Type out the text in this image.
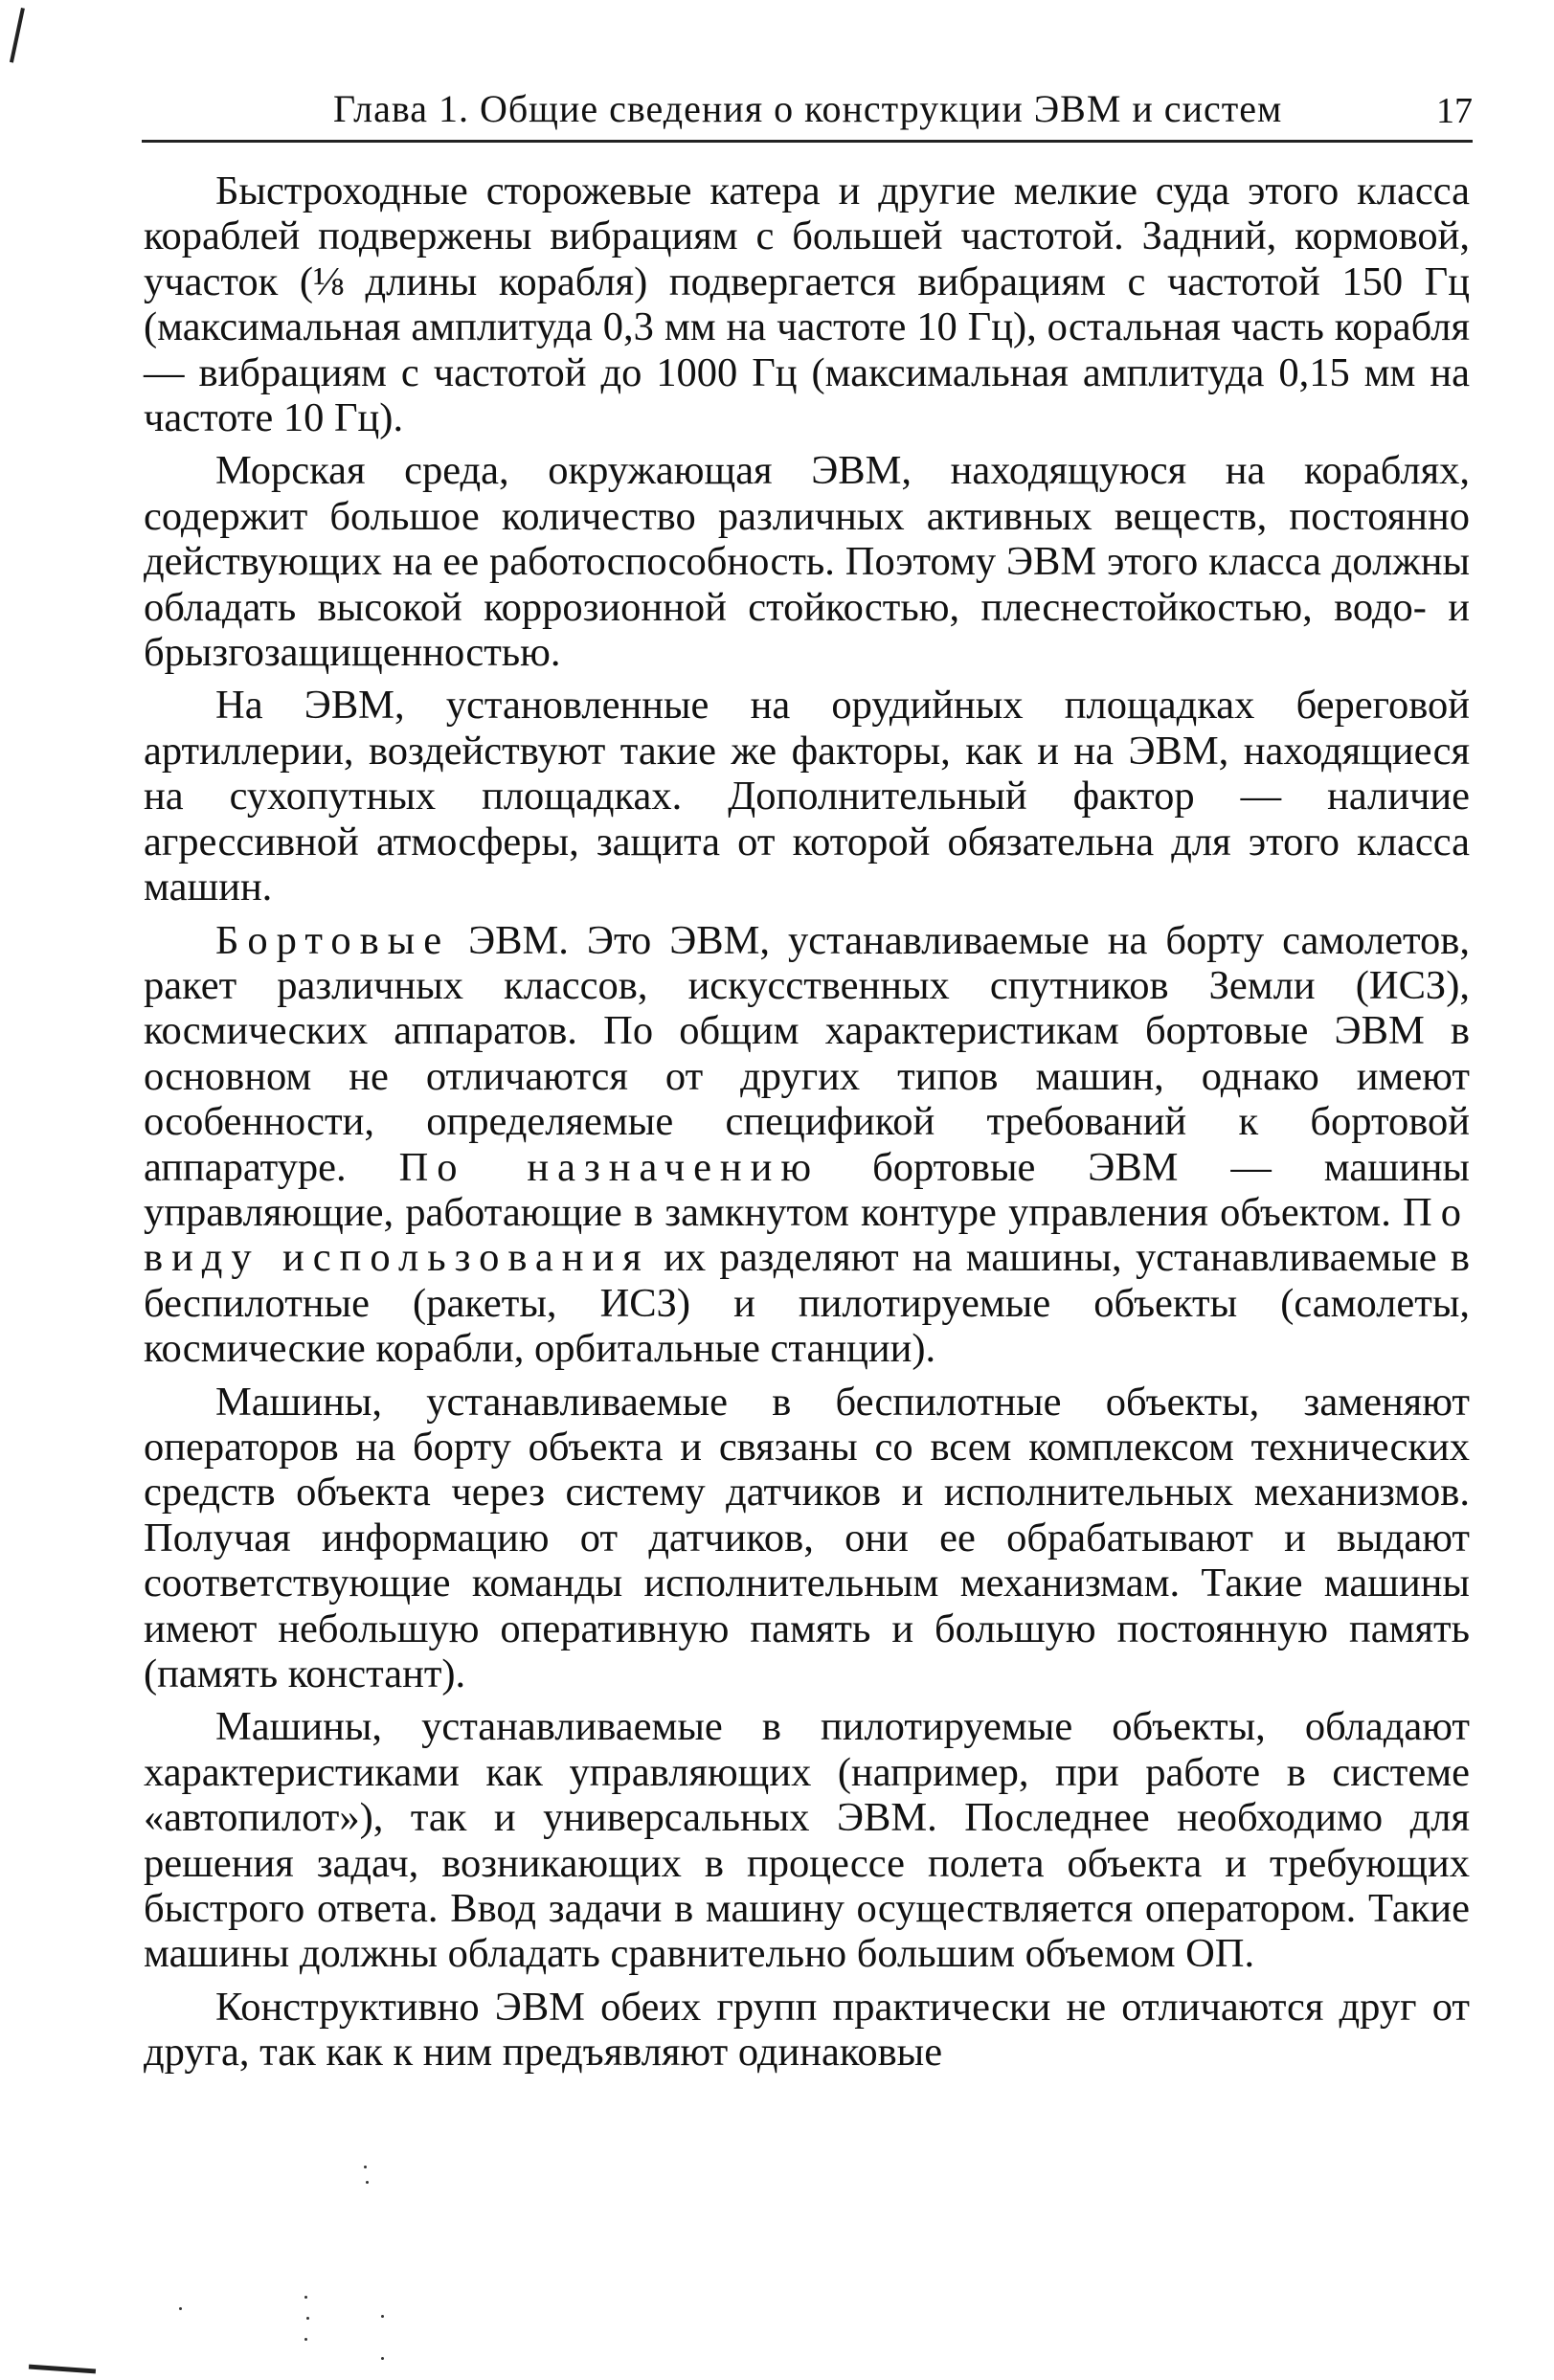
Глава 1. Общие сведения о конструкции ЭВМ и систем	17

Быстроходные сторожевые катера и другие мелкие суда этого класса кораблей подвержены вибрациям с большей частотой. Задний, кормовой, участок (⅛ длины корабля) подвергается вибрациям с частотой 150 Гц (максимальная амплитуда 0,3 мм на частоте 10 Гц), остальная часть корабля — вибрациям с частотой до 1000 Гц (максимальная амплитуда 0,15 мм на частоте 10 Гц).

Морская среда, окружающая ЭВМ, находящуюся на кораблях, содержит большое количество различных активных веществ, постоянно действующих на ее работоспособность. Поэтому ЭВМ этого класса должны обладать высокой коррозионной стойкостью, плеснестойкостью, водо- и брызгозащищенностью.

На ЭВМ, установленные на орудийных площадках береговой артиллерии, воздействуют такие же факторы, как и на ЭВМ, находящиеся на сухопутных площадках. Дополнительный фактор — наличие агрессивной атмосферы, защита от которой обязательна для этого класса машин.

Бортовые ЭВМ. Это ЭВМ, устанавливаемые на борту самолетов, ракет различных классов, искусственных спутников Земли (ИСЗ), космических аппаратов. По общим характеристикам бортовые ЭВМ в основном не отличаются от других типов машин, однако имеют особенности, определяемые спецификой требований к бортовой аппаратуре. По назначению бортовые ЭВМ — машины управляющие, работающие в замкнутом контуре управления объектом. По виду использования их разделяют на машины, устанавливаемые в беспилотные (ракеты, ИСЗ) и пилотируемые объекты (самолеты, космические корабли, орбитальные станции).

Машины, устанавливаемые в беспилотные объекты, заменяют операторов на борту объекта и связаны со всем комплексом технических средств объекта через систему датчиков и исполнительных механизмов. Получая информацию от датчиков, они ее обрабатывают и выдают соответствующие команды исполнительным механизмам. Такие машины имеют небольшую оперативную память и большую постоянную память (память констант).

Машины, устанавливаемые в пилотируемые объекты, обладают характеристиками как управляющих (например, при работе в системе «автопилот»), так и универсальных ЭВМ. Последнее необходимо для решения задач, возникающих в процессе полета объекта и требующих быстрого ответа. Ввод задачи в машину осуществляется оператором. Такие машины должны обладать сравнительно большим объемом ОП.

Конструктивно ЭВМ обеих групп практически не отличаются друг от друга, так как к ним предъявляют одинаковые
